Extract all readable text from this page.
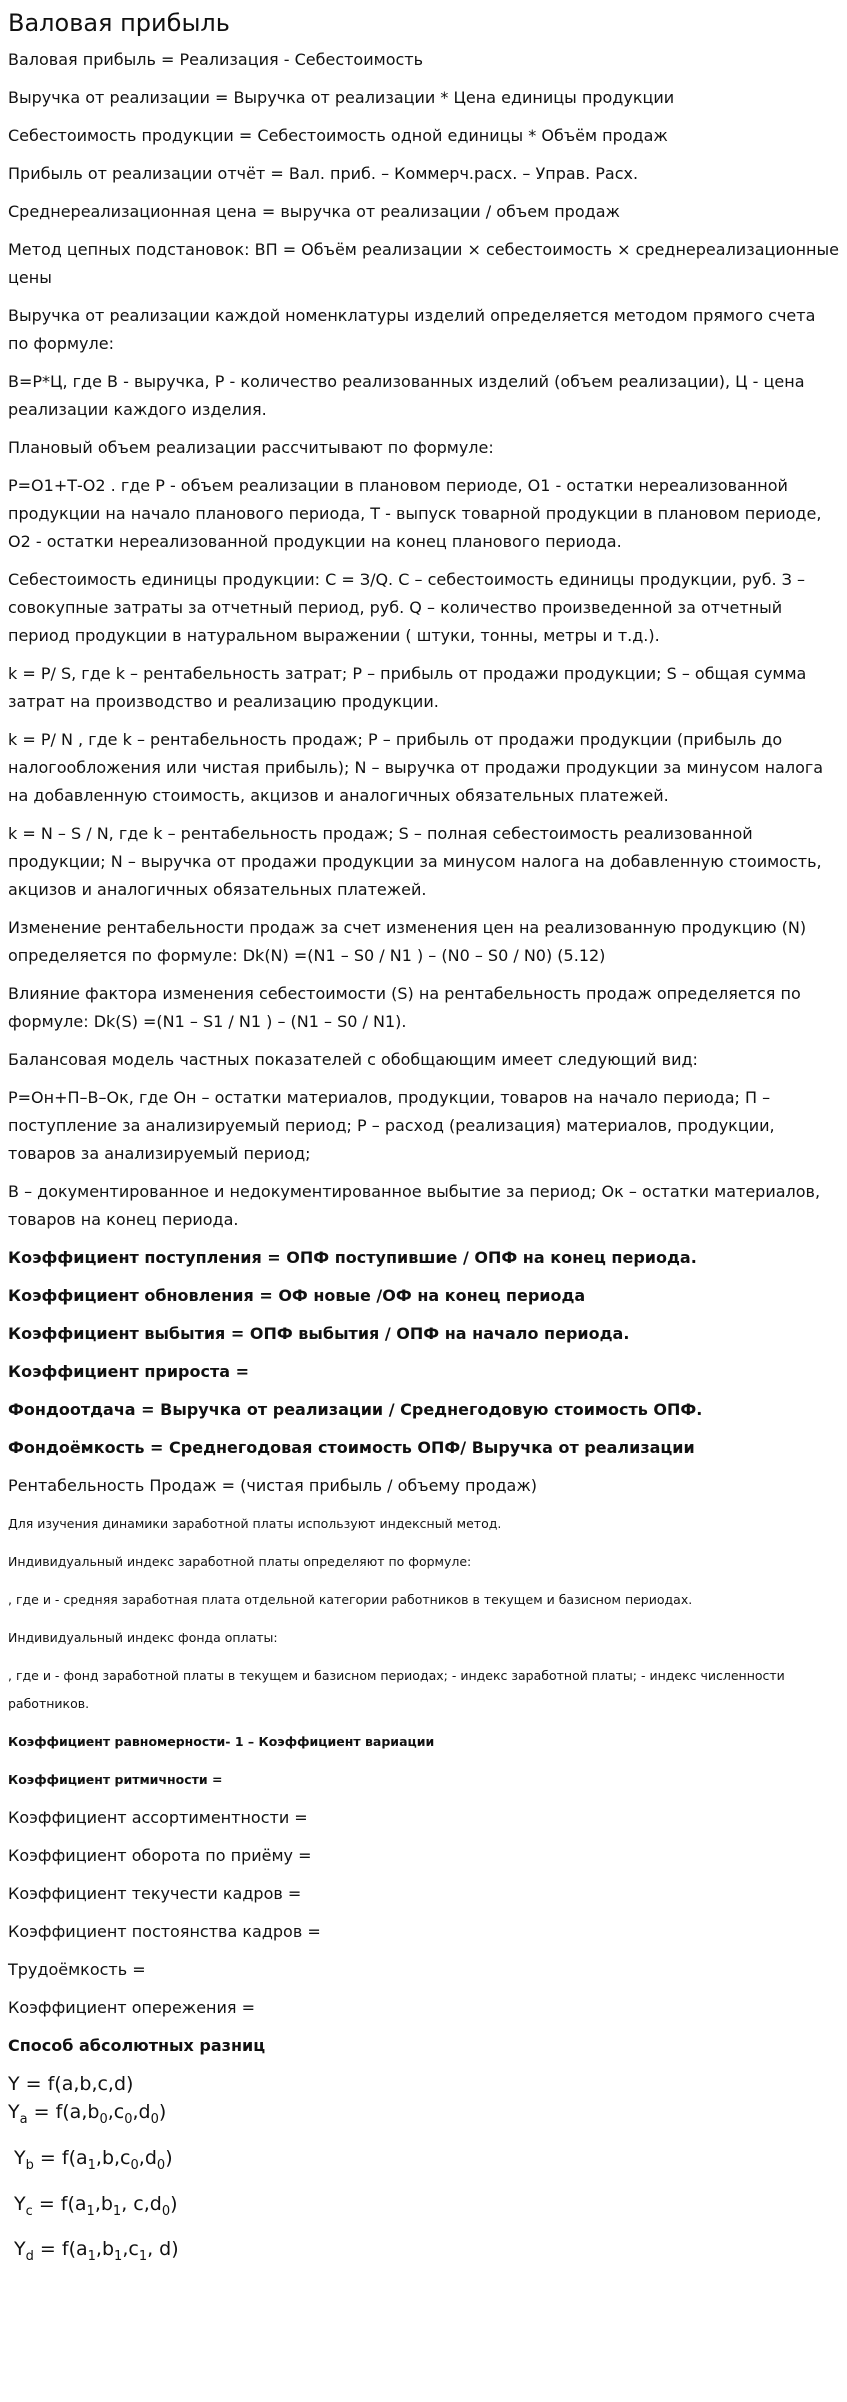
Валовая прибыль
Валовая прибыль = Реализация - Себестоимость
Выручка от реализации = Выручка от реализации * Цена единицы продукции
Себестоимость продукции = Себестоимость одной единицы * Объём продаж
Прибыль от реализации отчёт = Вал. приб. – Коммерч.расх. – Управ. Расх.
Среднереализационная цена = выручка от реализации / объем продаж
Метод цепных подстановок: ВП = Объём реализации × себестоимость × среднереализационные цены
Выручка от реализации каждой номенклатуры изделий определяется методом прямого счета по формуле:
В=Р*Ц, где В - выручка, Р - количество реализованных изделий (объем реализации), Ц - цена реализации каждого изделия.
Плановый объем реализации рассчитывают по формуле:
Р=О1+Т-О2 . где Р - объем реализации в плановом периоде, О1 - остатки нереализованной продукции на начало планового периода, Т - выпуск товарной продукции в плановом периоде, О2 - остатки нереализованной продукции на конец планового периода.
Себестоимость единицы продукции: С = З/Q. С – себестоимость единицы продукции, руб. З – совокупные затраты за отчетный период, руб. Q – количество произведенной за отчетный период продукции в натуральном выражении ( штуки, тонны, метры и т.д.).
k = P/ S, где k – рентабельность затрат; P – прибыль от продажи продукции; S – общая сумма затрат на производство и реализацию продукции.
k = P/ N , где k – рентабельность продаж; P – прибыль от продажи продукции (прибыль до налогообложения или чистая прибыль); N – выручка от продажи продукции за минусом налога на добавленную стоимость, акцизов и аналогичных обязательных платежей.
k = N – S / N, где k – рентабельность продаж; S – полная себестоимость реализованной продукции; N – выручка от продажи продукции за минусом налога на добавленную стоимость, акцизов и аналогичных обязательных платежей.
Изменение рентабельности продаж за счет изменения цен на реализованную продукцию (N) определяется по формуле: Dk(N) =(N1 – S0 / N1 ) – (N0 – S0 / N0) (5.12)
Влияние фактора изменения себестоимости (S) на рентабельность продаж определяется по формуле: Dk(S) =(N1 – S1 / N1 ) – (N1 – S0 / N1).
Балансовая модель частных показателей с обобщающим имеет следующий вид:
Р=Он+П–В–Ок, где Он – остатки материалов, продукции, товаров на начало периода; П – поступление за анализируемый период; Р – расход (реализация) материалов, продукции, товаров за анализируемый период;
В – документированное и недокументированное выбытие за период; Ок – остатки материалов, товаров на конец периода.
Коэффициент поступления = ОПФ поступившие / ОПФ на конец периода.
Коэффициент обновления = ОФ новые /ОФ на конец периода
Коэффициент выбытия = ОПФ выбытия / ОПФ на начало периода.
Коэффициент прироста =
Фондоотдача = Выручка от реализации / Среднегодовую стоимость ОПФ.
Фондоёмкость = Среднегодовая стоимость ОПФ/ Выручка от реализации
Рентабельность Продаж = (чистая прибыль / объему продаж)
Для изучения динамики заработной платы используют индексный метод.
Индивидуальный индекс заработной платы определяют по формуле:
, где и - средняя заработная плата отдельной категории работников в текущем и базисном периодах.
Индивидуальный индекс фонда оплаты:
, где и - фонд заработной платы в текущем и базисном периодах; - индекс заработной платы; - индекс численности работников.
Коэффициент равномерности- 1 – Коэффициент вариации
Коэффициент ритмичности =
Коэффициент ассортиментности =
Коэффициент оборота по приёму =
Коэффициент текучести кадров =
Коэффициент постоянства кадров =
Трудоёмкость =
Коэффициент опережения =
Способ абсолютных разниц
Y = f(a,b,c,d)
$Y_a = f(a,b_0,c_0,d_0)$
$Y_b = f(a_1,b,c_0,d_0)$
$Y_c = f(a_1,b_1$, $c,d_0$)
$Y_d = f(a_1,b_1,c_1$, d)
